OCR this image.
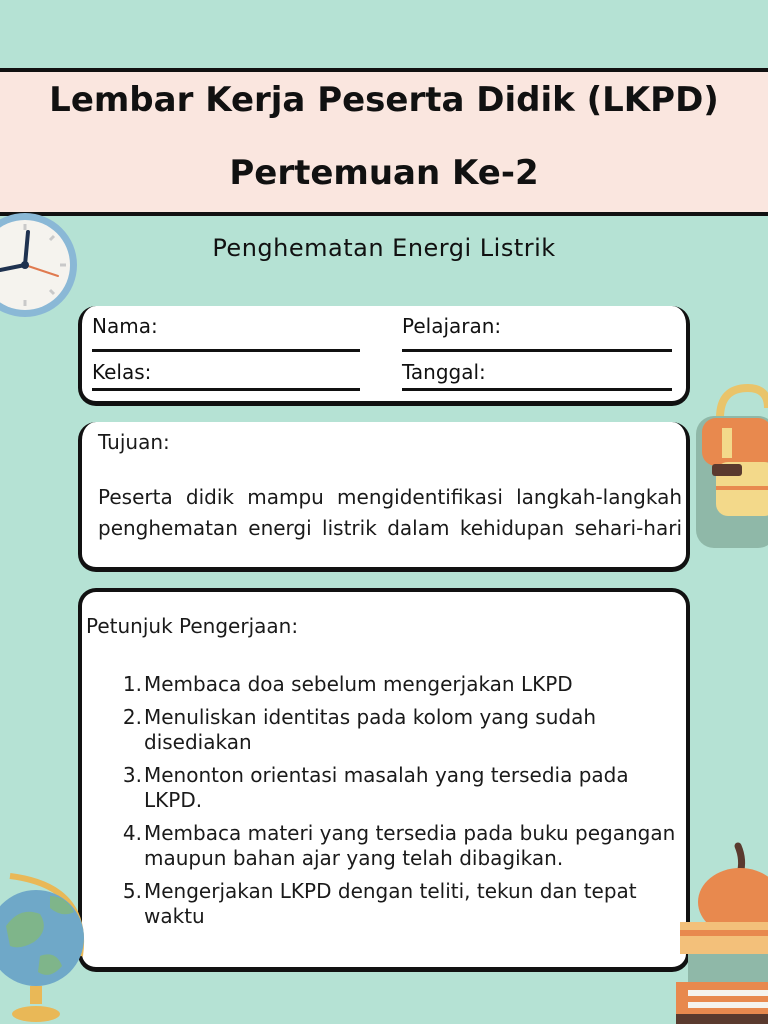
Lembar Kerja Peserta Didik (LKPD)
Pertemuan Ke-2
Penghematan Energi Listrik
Nama:	Pelajaran:
Kelas:	Tanggal:
Tujuan:
Peserta didik mampu mengidentifikasi langkah-langkah penghematan energi listrik dalam kehidupan sehari-hari
Petunjuk Pengerjaan:
1. Membaca doa sebelum mengerjakan LKPD
2. Menuliskan identitas pada kolom yang sudah disediakan
3. Menonton orientasi masalah yang tersedia pada LKPD.
4. Membaca materi yang tersedia pada buku pegangan maupun bahan ajar yang telah dibagikan.
5. Mengerjakan LKPD dengan teliti, tekun dan tepat waktu
